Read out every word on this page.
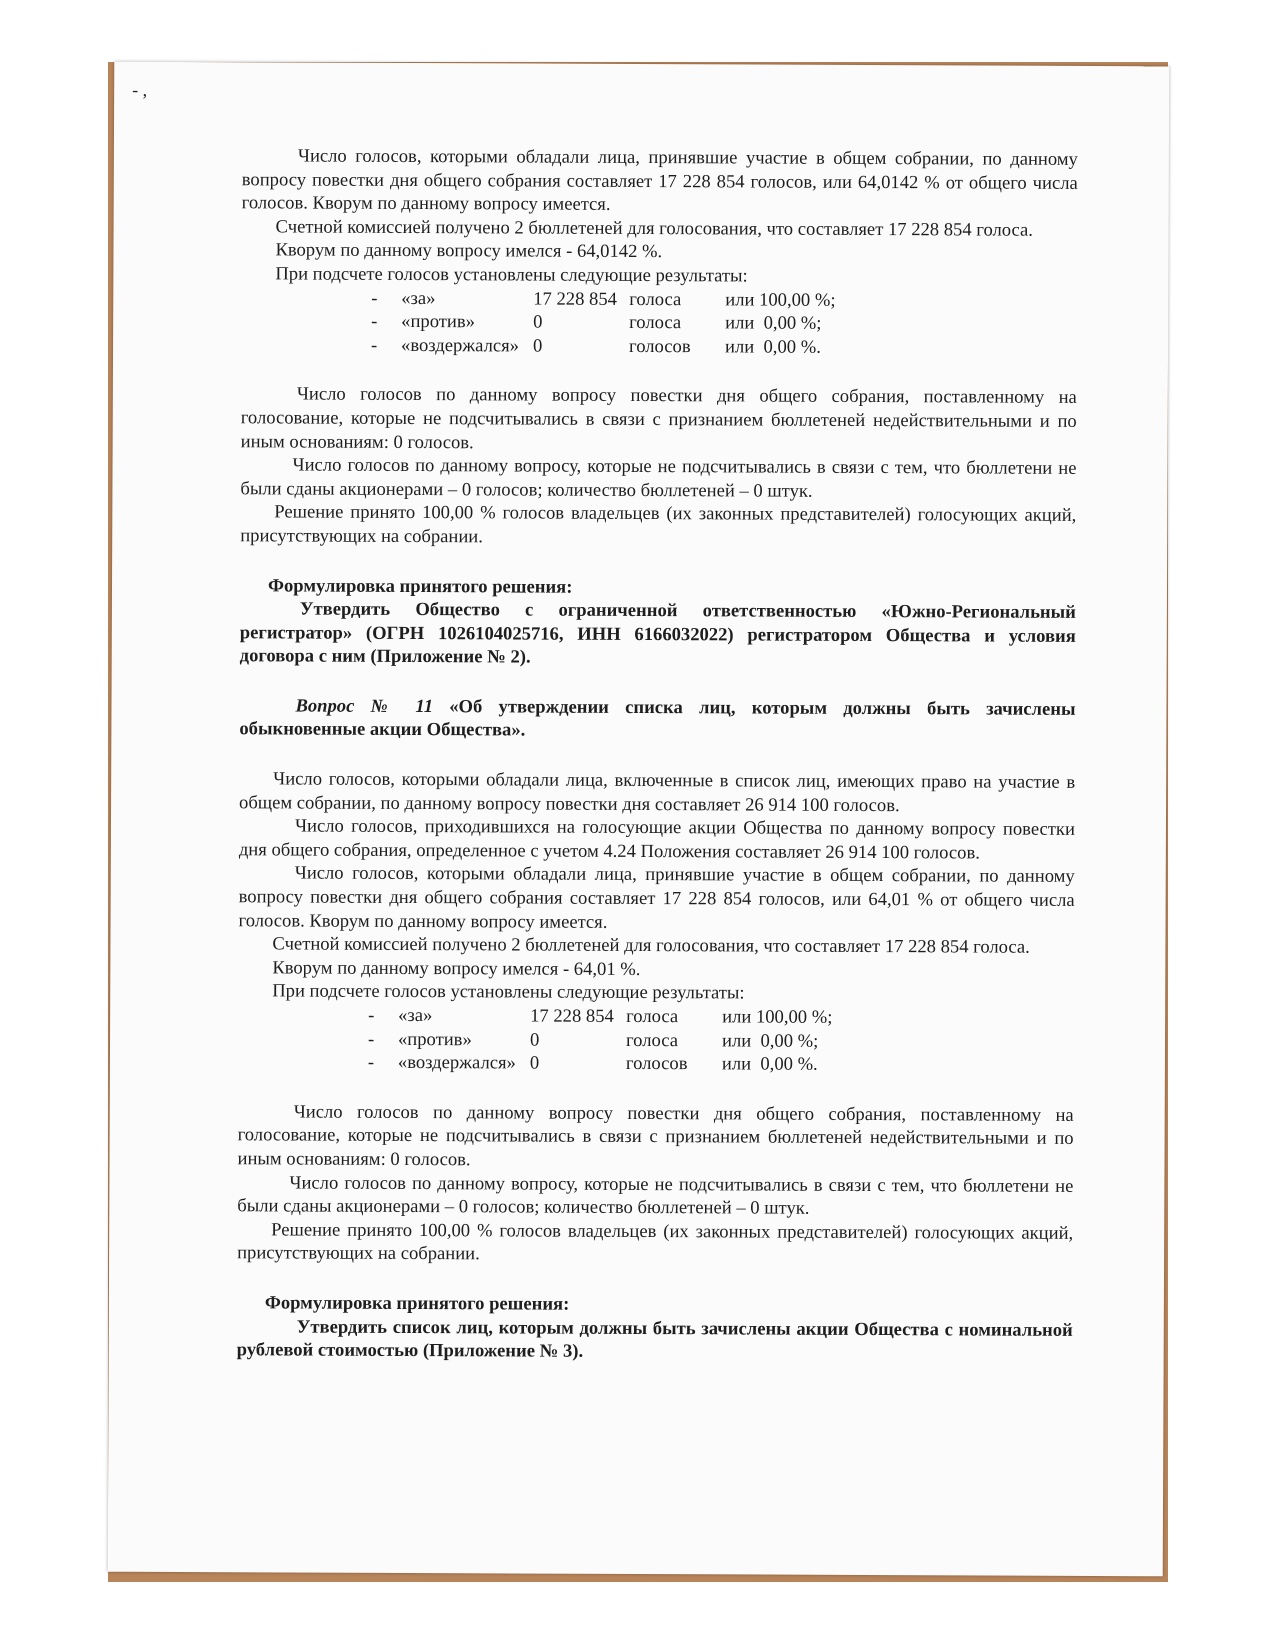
- ,

Число голосов, которыми обладали лица, принявшие участие в общем собрании, по данному вопросу повестки дня общего собрания составляет 17 228 854 голосов, или 64,0142 % от общего числа голосов. Кворум по данному вопросу имеется.

Счетной комиссией получено 2 бюллетеней для голосования, что составляет 17 228 854 голоса.

Кворум по данному вопросу имелся - 64,0142 %.

При подсчете голосов установлены следующие результаты:

- «за»	17 228 854 голоса или 100,00 %;
- «против»	0	голоса или  0,00 %;
- «воздержался» 0	голосов или  0,00 %.

Число голосов по данному вопросу повестки дня общего собрания, поставленному на голосование, которые не подсчитывались в связи с признанием бюллетеней недействительными и по иным основаниям: 0 голосов.

Число голосов по данному вопросу, которые не подсчитывались в связи с тем, что бюллетени не были сданы акционерами – 0 голосов; количество бюллетеней – 0 штук.

Решение принято 100,00 % голосов владельцев (их законных представителей) голосующих акций, присутствующих на собрании.

Формулировка принятого решения:

Утвердить Общество с ограниченной ответственностью «Южно-Региональный регистратор» (ОГРН 1026104025716, ИНН 6166032022) регистратором Общества и условия договора с ним (Приложение № 2).

Вопрос № 11 «Об утверждении списка лиц, которым должны быть зачислены обыкновенные акции Общества».

Число голосов, которыми обладали лица, включенные в список лиц, имеющих право на участие в общем собрании, по данному вопросу повестки дня составляет 26 914 100 голосов.

Число голосов, приходившихся на голосующие акции Общества по данному вопросу повестки дня общего собрания, определенное с учетом 4.24 Положения составляет 26 914 100 голосов.

Число голосов, которыми обладали лица, принявшие участие в общем собрании, по данному вопросу повестки дня общего собрания составляет 17 228 854 голосов, или 64,01 % от общего числа голосов. Кворум по данному вопросу имеется.

Счетной комиссией получено 2 бюллетеней для голосования, что составляет 17 228 854 голоса.

Кворум по данному вопросу имелся - 64,01 %.

При подсчете голосов установлены следующие результаты:

- «за»	17 228 854 голоса или 100,00 %;
- «против»	0	голоса или  0,00 %;
- «воздержался» 0	голосов или  0,00 %.

Число голосов по данному вопросу повестки дня общего собрания, поставленному на голосование, которые не подсчитывались в связи с признанием бюллетеней недействительными и по иным основаниям: 0 голосов.

Число голосов по данному вопросу, которые не подсчитывались в связи с тем, что бюллетени не были сданы акционерами – 0 голосов; количество бюллетеней – 0 штук.

Решение принято 100,00 % голосов владельцев (их законных представителей) голосующих акций, присутствующих на собрании.

Формулировка принятого решения:

Утвердить список лиц, которым должны быть зачислены акции Общества с номинальной рублевой стоимостью (Приложение № 3).
